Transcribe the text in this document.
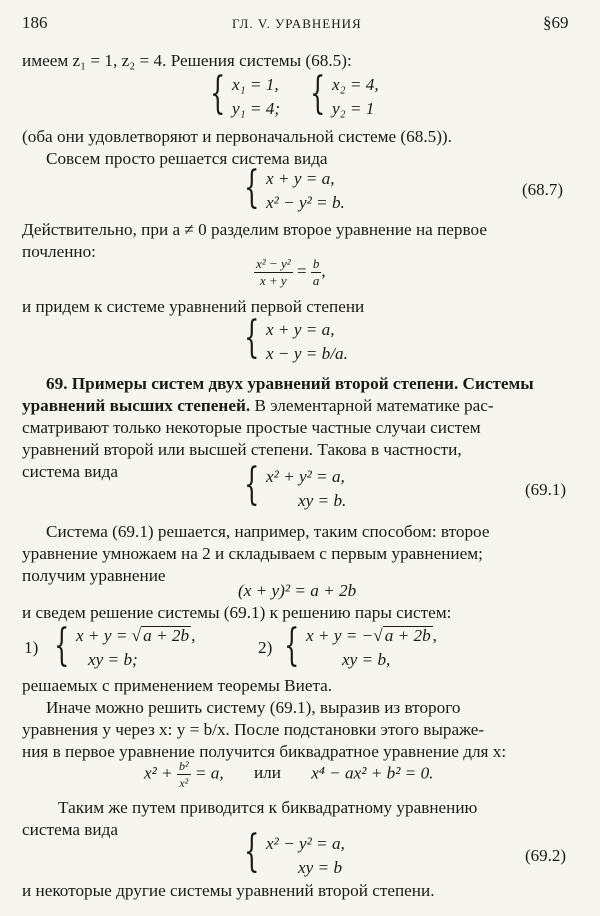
186	ГЛ. V. УРАВНЕНИЯ	§69
имеем z₁ = 1, z₂ = 4. Решения системы (68.5):
{ x₁ = 1,
y₁ = 4; { x₂ = 4,
y₂ = 1
(оба они удовлетворяют и первоначальной системе (68.5)).
Совсем просто решается система вида
{ x + y = a,
x² − y² = b.
(68.7)
Действительно, при a ≠ 0 разделим второе уравнение на первое
почленно:
$\frac{\text{x² − y²}}{x + y} = \frac{b}{a}$ ,
и придем к системе уравнений первой степени
{ x + y = a,
x − y = b/a.
69. Примеры систем двух уравнений второй степени. Системы
уравнений высших степеней. В элементарной математике рас-
сматривают только некоторые простые частные случаи систем
уравнений второй или высшей степени. Такова в частности,
система вида	{ x² + y² = a,
xy = b.
(69.1)
Система (69.1) решается, например, таким способом: второе
уравнение умножаем на 2 и складываем с первым уравнением;
получим уравнение
(x + y)² = a + 2b
и сведем решение системы (69.1) к решению пары систем:
1) { x + y = √ a + 2b ,
xy = b;
2) { x + y = −√ a + 2b ,
xy = b,
решаемых с применением теоремы Виета.
Иначе можно решить систему (69.1), выразив из второго
уравнения y через x: y = b/x. После подстановки этого выраже-
ния в первое уравнение получится биквадратное уравнение для x:
$x^2 + \frac{\text{b²}}{\text{x²}} = a$, или x⁴ − ax² + b² = 0.
Таким же путем приводится к биквадратному уравнению
система вида	{ x² − y² = a,
xy = b
(69.2)
и некоторые другие системы уравнений второй степени.
